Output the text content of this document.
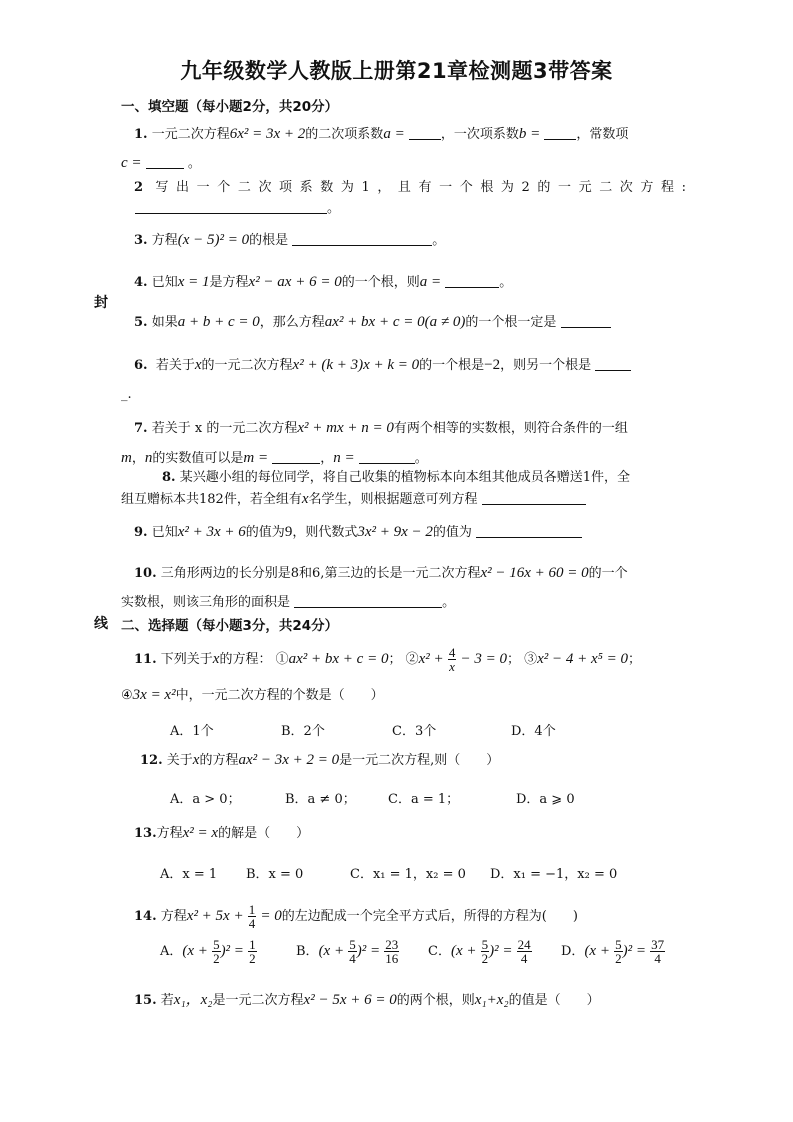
九年级数学人教版上册第21章检测题3带答案
一、填空题（每小题2分，共20分）
1. 一元二次方程6x² = 3x + 2的二次项系数a =	，一次项系数b =	，常数项
c =	。
2 写出一个二次项系数为1，且有一个根为2的一元二次方程:
。
3. 方程(x − 5)² = 0的根是	。
4. 已知x = 1是方程x² − ax + 6 = 0的一个根，则a =	。
封
5. 如果a + b + c = 0，那么方程ax² + bx + c = 0(a ≠ 0)的一个根一定是
6. 若关于x的一元二次方程x² + (k + 3)x + k = 0的一个根是−2，则另一个根是
_.
7. 若关于 x 的一元二次方程x² + mx + n = 0有两个相等的实数根，则符合条件的一组
m，n的实数值可以是m =	，n =	。
8. 某兴趣小组的每位同学，将自己收集的植物标本向本组其他成员各赠送1件，全
组互赠标本共182件，若全组有x名学生，则根据题意可列方程
9. 已知x² + 3x + 6的值为9，则代数式3x² + 9x − 2的值为
10. 三角形两边的长分别是8和6,第三边的长是一元二次方程x² − 16x + 60 = 0的一个
实数根，则该三角形的面积是	。
线 二、选择题（每小题3分，共24分）
11. 下列关于x的方程： ①ax² + bx + c = 0； ②x² + $\frac{4}{x} - 3 = 0$； ③x² − 4 + x⁵ = 0；
④3x = x²中，一元二次方程的个数是（　　）
A．1个	B．2个	C．3个	D．4个
12. 关于x的方程ax² − 3x + 2 = 0是一元二次方程,则（　　）
A．a > 0；	B．a ≠ 0； C．a = 1；	D．a ⩾ 0
13.方程x² = x的解是（　　）
A．x = 1 B．x = 0	C．x₁ = 1，x₂ = 0 D．x₁ = −1，x₂ = 0
14. 方程$x^2 + 5x + \frac{1}{4} = 0$的左边配成一个完全平方式后，所得的方程为(　　)
A．$(x + \frac{5}{2} )^2 = \frac{1}{2}$	B．$(x + \frac{5}{4} )^2 = \frac{23}{16}$ C．$(x + \frac{5}{2} )^2 = \frac{24}{4}$ D．$(x + \frac{5}{2} )^2 = \frac{37}{4}$
15. 若x₁，x₂是一元二次方程x² − 5x + 6 = 0的两个根，则x₁+x₂的值是（　　）
